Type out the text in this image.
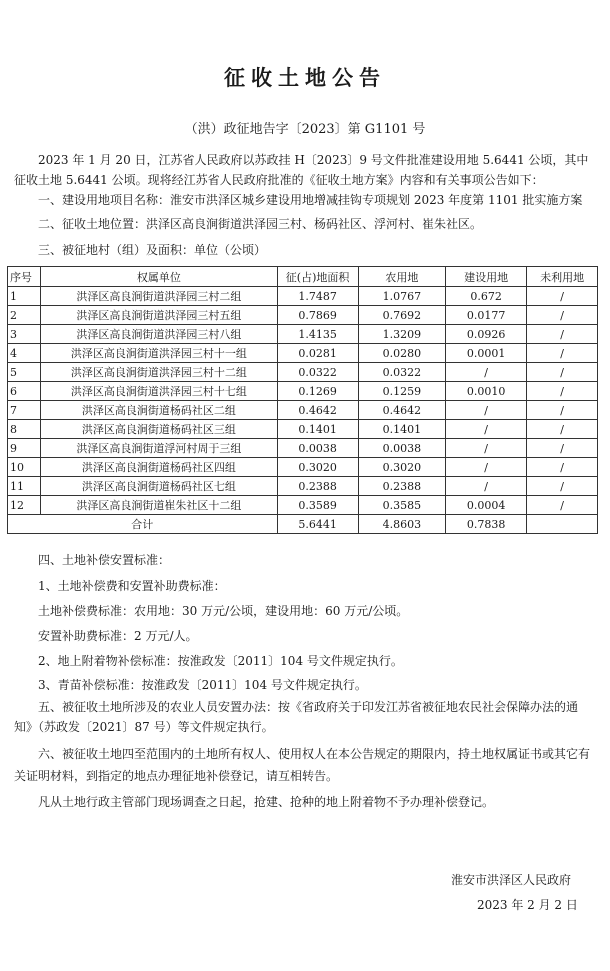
征收土地公告

（洪）政征地告字〔2023〕第 G1101 号

2023 年 1 月 20 日，江苏省人民政府以苏政挂 H〔2023〕9 号文件批准建设用地 5.6441 公顷，其中征收土地 5.6441 公顷。现将经江苏省人民政府批准的《征收土地方案》内容和有关事项公告如下：

一、建设用地项目名称：淮安市洪泽区城乡建设用地增减挂钩专项规划 2023 年度第 1101 批实施方案

二、征收土地位置：洪泽区高良涧街道洪泽园三村、杨码社区、浮河村、崔朱社区。

三、被征地村（组）及面积：单位（公顷）

序号	权属单位	征(占)地面积	农用地	建设用地	未利用地
1	洪泽区高良涧街道洪泽园三村二组	1.7487	1.0767	0.672	/
2	洪泽区高良涧街道洪泽园三村五组	0.7869	0.7692	0.0177	/
3	洪泽区高良涧街道洪泽园三村八组	1.4135	1.3209	0.0926	/
4	洪泽区高良涧街道洪泽园三村十一组	0.0281	0.0280	0.0001	/
5	洪泽区高良涧街道洪泽园三村十二组	0.0322	0.0322	/	/
6	洪泽区高良涧街道洪泽园三村十七组	0.1269	0.1259	0.0010	/
7	洪泽区高良涧街道杨码社区二组	0.4642	0.4642	/	/
8	洪泽区高良涧街道杨码社区三组	0.1401	0.1401	/	/
9	洪泽区高良涧街道浮河村周于三组	0.0038	0.0038	/	/
10	洪泽区高良涧街道杨码社区四组	0.3020	0.3020	/	/
11	洪泽区高良涧街道杨码社区七组	0.2388	0.2388	/	/
12	洪泽区高良涧街道崔朱社区十二组	0.3589	0.3585	0.0004	/
合计		5.6441	4.8603	0.7838	

四、土地补偿安置标准：

1、土地补偿费和安置补助费标准：

土地补偿费标准：农用地：30 万元/公顷，建设用地：60 万元/公顷。

安置补助费标准：2 万元/人。

2、地上附着物补偿标准：按淮政发〔2011〕104 号文件规定执行。

3、青苗补偿标准：按淮政发〔2011〕104 号文件规定执行。

五、被征收土地所涉及的农业人员安置办法：按《省政府关于印发江苏省被征地农民社会保障办法的通知》（苏政发〔2021〕87 号）等文件规定执行。

六、被征收土地四至范围内的土地所有权人、使用权人在本公告规定的期限内，持土地权属证书或其它有关证明材料，到指定的地点办理征地补偿登记，请互相转告。

凡从土地行政主管部门现场调查之日起，抢建、抢种的地上附着物不予办理补偿登记。

淮安市洪泽区人民政府

2023 年 2 月 2 日
